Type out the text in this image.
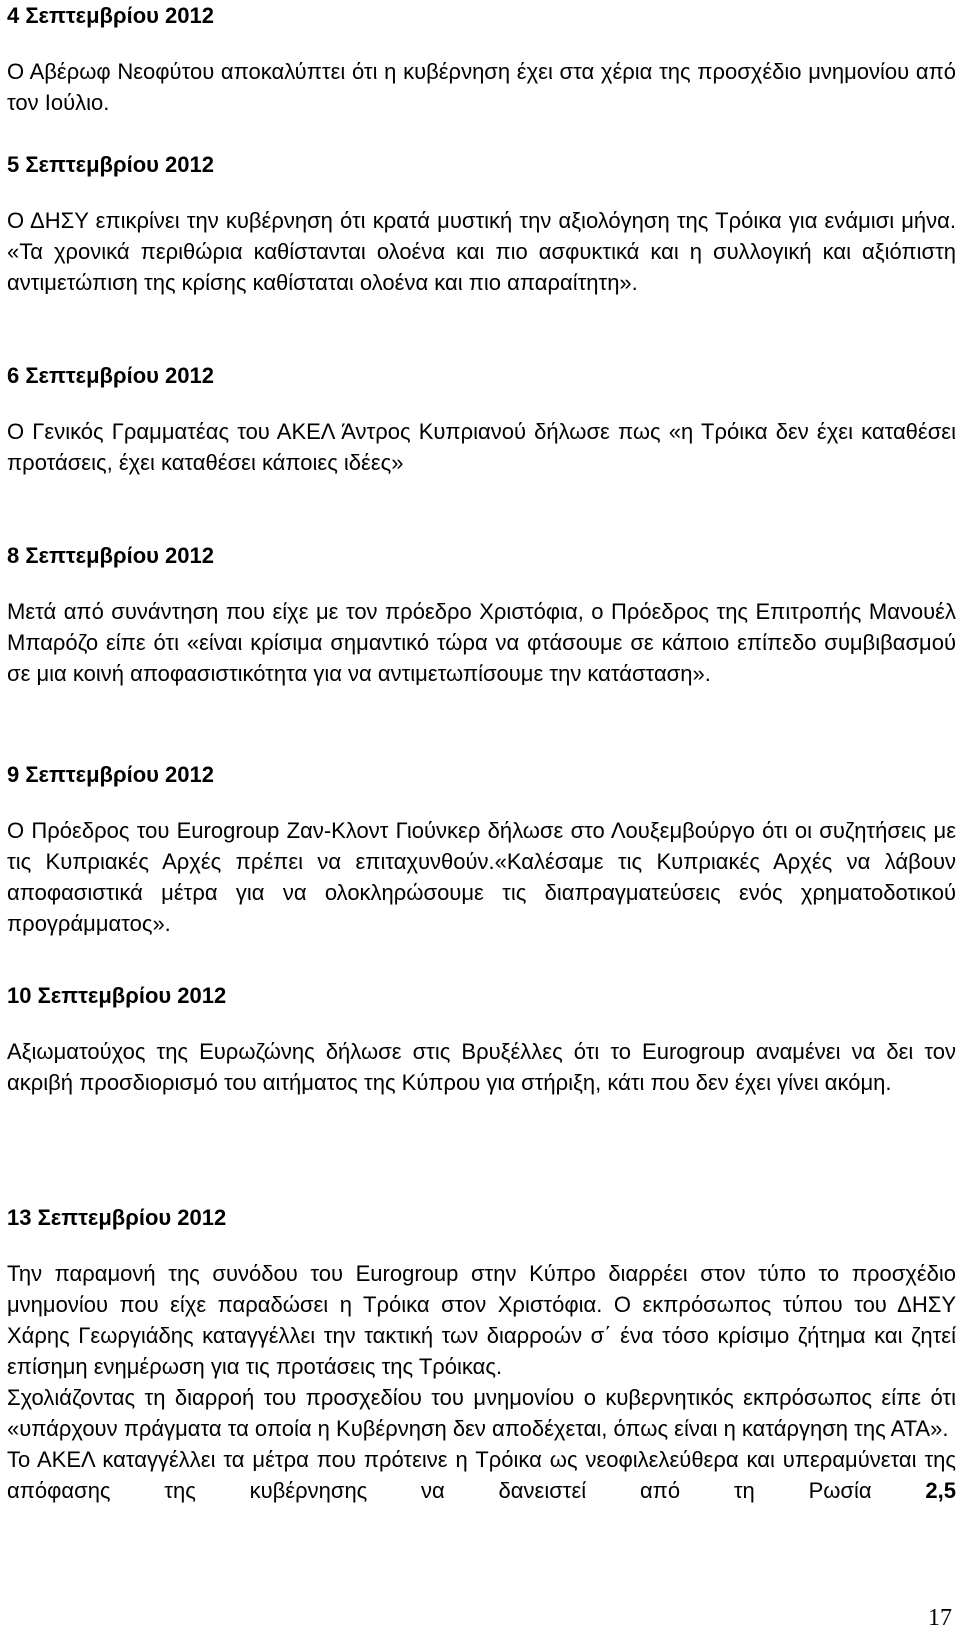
4 Σεπτεμβρίου 2012

Ο Αβέρωφ Νεοφύτου αποκαλύπτει ότι η κυβέρνηση έχει στα χέρια της προσχέδιο μνημονίου από τον Ιούλιο.

5 Σεπτεμβρίου 2012

Ο ΔΗΣΥ επικρίνει την κυβέρνηση ότι κρατά μυστική την αξιολόγηση της Τρόικα για ενάμισι μήνα. «Τα χρονικά περιθώρια καθίστανται ολοένα και πιο ασφυκτικά και η συλλογική και αξιόπιστη αντιμετώπιση της κρίσης καθίσταται ολοένα και πιο απαραίτητη».

6 Σεπτεμβρίου 2012

Ο Γενικός Γραμματέας του ΑΚΕΛ Άντρος Κυπριανού δήλωσε πως «η Τρόικα δεν έχει καταθέσει προτάσεις, έχει καταθέσει κάποιες ιδέες»

8 Σεπτεμβρίου 2012

Μετά από συνάντηση που είχε με τον πρόεδρο Χριστόφια, ο Πρόεδρος της Επιτροπής Μανουέλ Μπαρόζο είπε ότι «είναι κρίσιμα σημαντικό τώρα να φτάσουμε σε κάποιο επίπεδο συμβιβασμού σε μια κοινή αποφασιστικότητα για να αντιμετωπίσουμε την κατάσταση».

9 Σεπτεμβρίου 2012

Ο Πρόεδρος του Eurogroup Ζαν-Κλοντ Γιούνκερ δήλωσε στο Λουξεμβούργο ότι οι συζητήσεις με τις Κυπριακές Αρχές πρέπει να επιταχυνθούν.«Καλέσαμε τις Κυπριακές Αρχές να λάβουν αποφασιστικά μέτρα για να ολοκληρώσουμε τις διαπραγματεύσεις ενός χρηματοδοτικού προγράμματος».

10 Σεπτεμβρίου 2012

Αξιωματούχος της Ευρωζώνης δήλωσε στις Βρυξέλλες ότι το Eurogroup αναμένει να δει τον ακριβή προσδιορισμό του αιτήματος της Κύπρου για στήριξη, κάτι που δεν έχει γίνει ακόμη.

13 Σεπτεμβρίου 2012

Την παραμονή της συνόδου του Eurogroup στην Κύπρο διαρρέει στον τύπο το προσχέδιο μνημονίου που είχε παραδώσει η Τρόικα στον Χριστόφια. Ο εκπρόσωπος τύπου του ΔΗΣΥ Χάρης Γεωργιάδης καταγγέλλει την τακτική των διαρροών σ΄ ένα τόσο κρίσιμο ζήτημα και ζητεί επίσημη ενημέρωση για τις προτάσεις της Τρόικας.

Σχολιάζοντας τη διαρροή του προσχεδίου του μνημονίου ο κυβερνητικός εκπρόσωπος είπε ότι «υπάρχουν πράγματα τα οποία η Κυβέρνηση δεν αποδέχεται, όπως είναι η κατάργηση της ΑΤΑ».

Το ΑΚΕΛ καταγγέλλει τα μέτρα που πρότεινε η Τρόικα ως νεοφιλελεύθερα και υπεραμύνεται της απόφασης της κυβέρνησης να δανειστεί από τη Ρωσία 2,5

17
